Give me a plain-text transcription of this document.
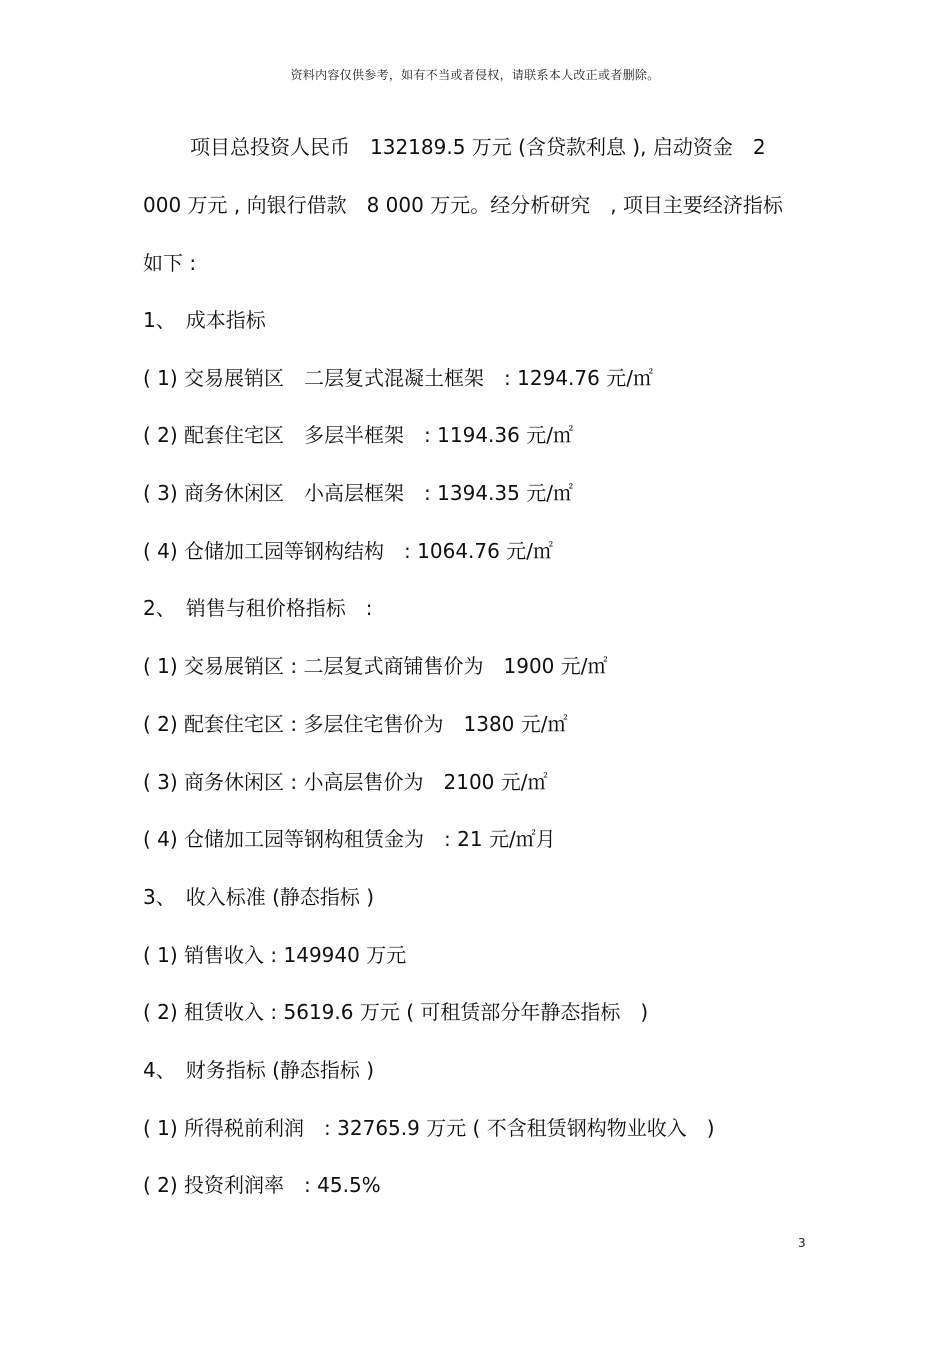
资料内容仅供参考，如有不当或者侵权，请联系本人改正或者删除。
项目总投资人民币　132189.5 万元 (含贷款利息 ), 启动资金　2
000 万元 , 向银行借款　8 000 万元。经分析研究　, 项目主要经济指标
如下 :
1、　成本指标
( 1) 交易展销区　二层复式混凝土框架　: 1294.76 元/㎡
( 2) 配套住宅区　多层半框架　: 1194.36 元/㎡
( 3) 商务休闲区　小高层框架　: 1394.35 元/㎡
( 4) 仓储加工园等钢构结构　: 1064.76 元/㎡
2、　销售与租价格指标　:
( 1) 交易展销区 : 二层复式商铺售价为　1900 元/㎡
( 2) 配套住宅区 : 多层住宅售价为　1380 元/㎡
( 3) 商务休闲区 : 小高层售价为　2100 元/㎡
( 4) 仓储加工园等钢构租赁金为　: 21 元/㎡月
3、　收入标准 (静态指标 )
( 1) 销售收入 : 149940 万元
( 2) 租赁收入 : 5619.6 万元 ( 可租赁部分年静态指标　)
4、　财务指标 (静态指标 )
( 1) 所得税前利润　: 32765.9 万元 ( 不含租赁钢构物业收入　)
( 2) 投资利润率　: 45.5%
3
